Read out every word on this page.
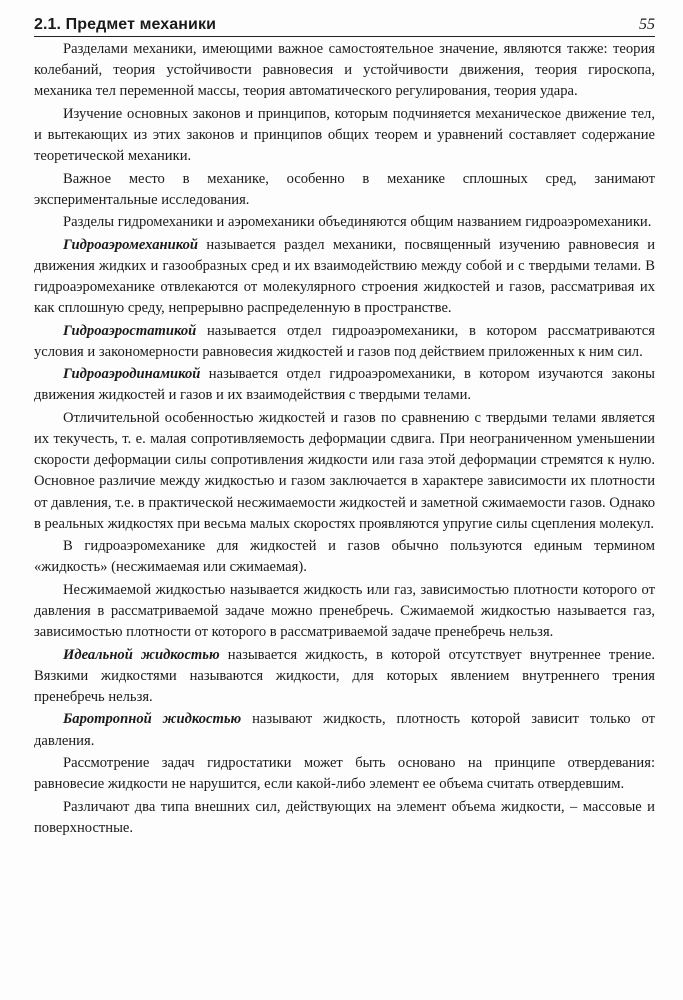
2.1. Предмет механики	55

Разделами механики, имеющими важное самостоятельное значение, являются также: теория колебаний, теория устойчивости равновесия и устойчивости движения, теория гироскопа, механика тел переменной массы, теория автоматического регулирования, теория удара.

Изучение основных законов и принципов, которым подчиняется механическое движение тел, и вытекающих из этих законов и принципов общих теорем и уравнений составляет содержание теоретической механики.

Важное место в механике, особенно в механике сплошных сред, занимают экспериментальные исследования.

Разделы гидромеханики и аэромеханики объединяются общим названием гидроаэромеханики.

Гидроаэромеханикой называется раздел механики, посвященный изучению равновесия и движения жидких и газообразных сред и их взаимодействию между собой и с твердыми телами. В гидроаэромеханике отвлекаются от молекулярного строения жидкостей и газов, рассматривая их как сплошную среду, непрерывно распределенную в пространстве.

Гидроаэростатикой называется отдел гидроаэромеханики, в котором рассматриваются условия и закономерности равновесия жидкостей и газов под действием приложенных к ним сил.

Гидроаэродинамикой называется отдел гидроаэромеханики, в котором изучаются законы движения жидкостей и газов и их взаимодействия с твердыми телами.

Отличительной особенностью жидкостей и газов по сравнению с твердыми телами является их текучесть, т. е. малая сопротивляемость деформации сдвига. При неограниченном уменьшении скорости деформации силы сопротивления жидкости или газа этой деформации стремятся к нулю. Основное различие между жидкостью и газом заключается в характере зависимости их плотности от давления, т.е. в практической несжимаемости жидкостей и заметной сжимаемости газов. Однако в реальных жидкостях при весьма малых скоростях проявляются упругие силы сцепления молекул.

В гидроаэромеханике для жидкостей и газов обычно пользуются единым термином «жидкость» (несжимаемая или сжимаемая).

Несжимаемой жидкостью называется жидкость или газ, зависимостью плотности которого от давления в рассматриваемой задаче можно пренебречь. Сжимаемой жидкостью называется газ, зависимостью плотности от которого в рассматриваемой задаче пренебречь нельзя.

Идеальной жидкостью называется жидкость, в которой отсутствует внутреннее трение. Вязкими жидкостями называются жидкости, для которых явлением внутреннего трения пренебречь нельзя.

Баротропной жидкостью называют жидкость, плотность которой зависит только от давления.

Рассмотрение задач гидростатики может быть основано на принципе отвердевания: равновесие жидкости не нарушится, если какой-либо элемент ее объема считать отвердевшим.

Различают два типа внешних сил, действующих на элемент объема жидкости, – массовые и поверхностные.
